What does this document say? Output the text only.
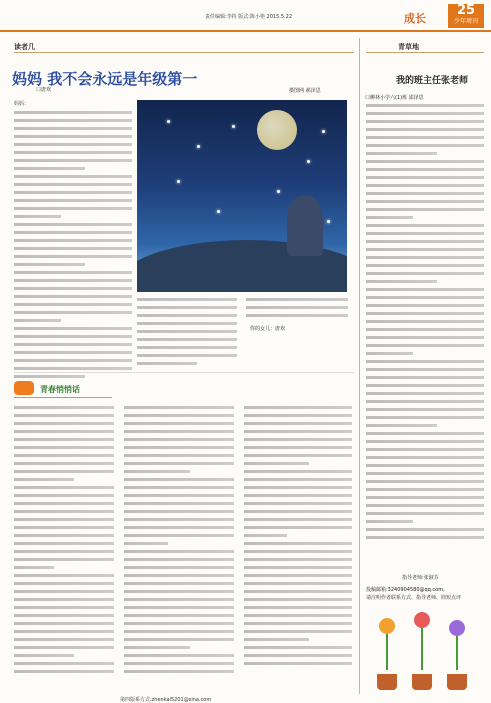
责任编辑:李持 版式:陈小艳 2015.5.22	成长
25
少年周刊
读者几
妈妈 我不会永远是年级第一
口唐欢	摄图网 郝泽思
妈妈：
你的女儿：唐欢
青春悄悄话
青草地
我的班主任张老师
口柳林小学六(1)班 邵泽思
指导老师:张淑芬
投稿邮箱:3240904580@qq.com,
请注明作者联系方式、指导老师、简短点评
第四版系方式:zhenkai5201@sina.com
